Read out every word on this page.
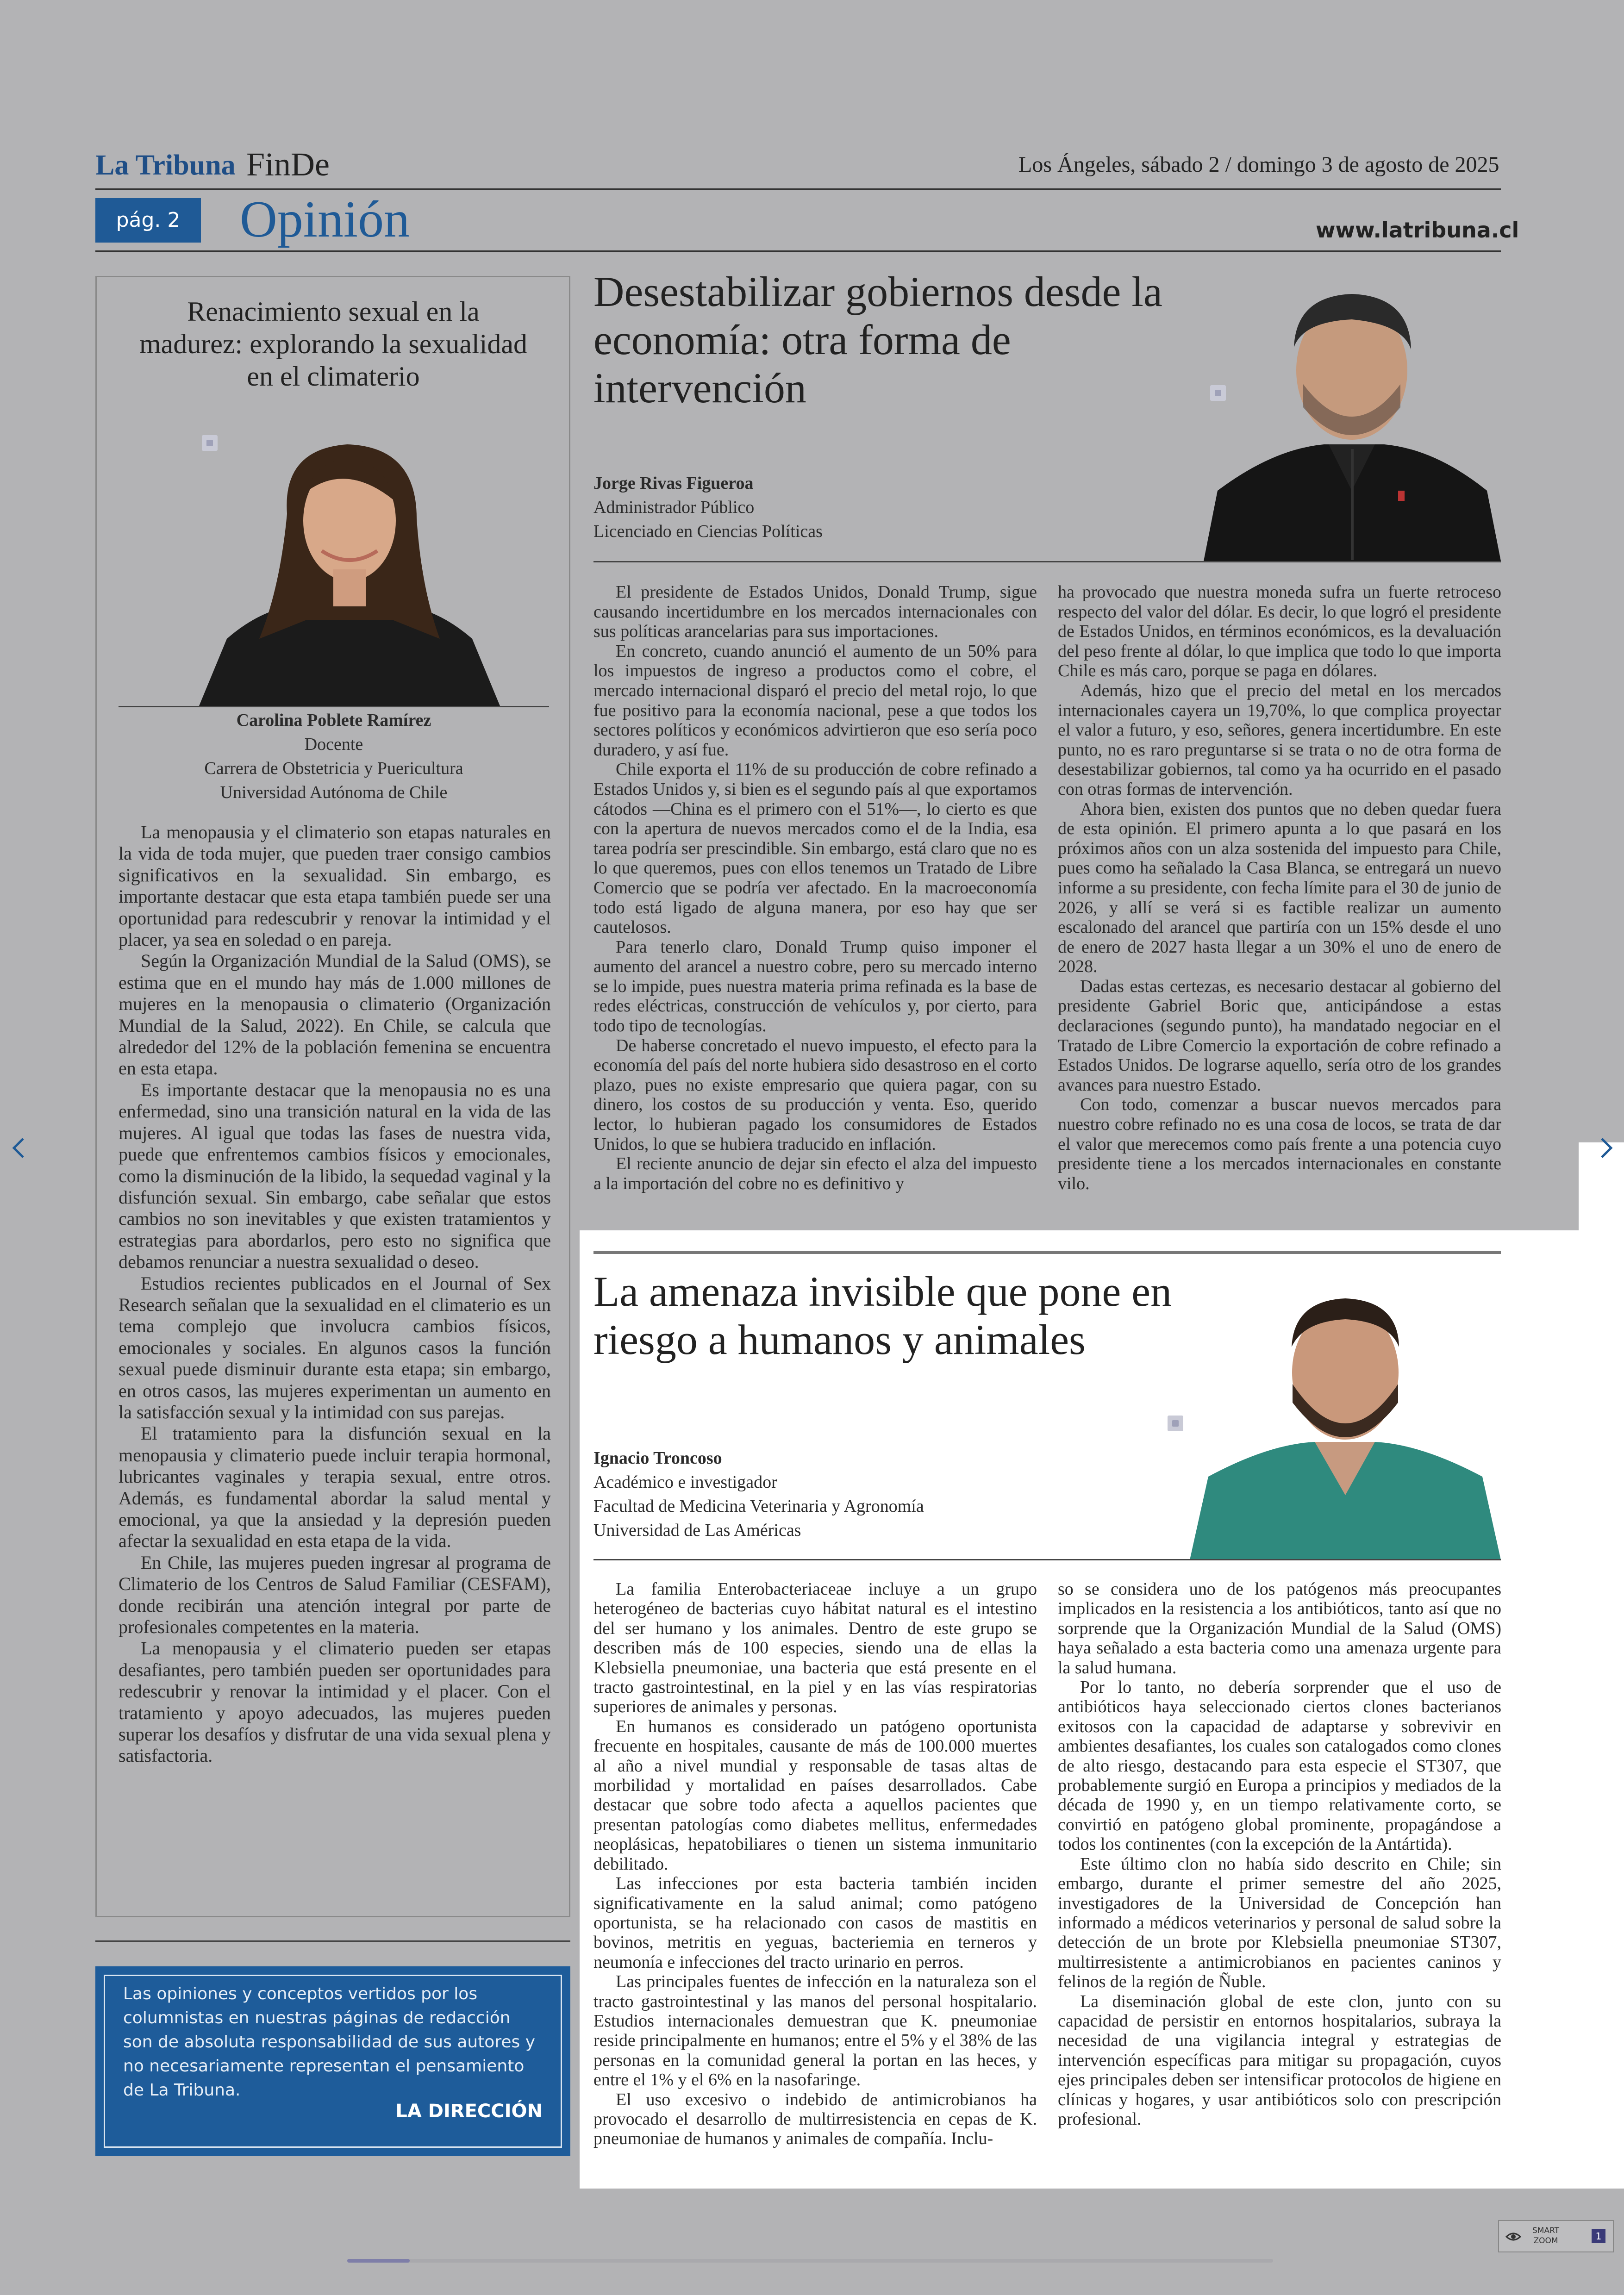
La Tribuna FinDe	Los Ángeles, sábado 2 / domingo 3 de agosto de 2025
pág. 2	Opinión	www.latribuna.cl
Renacimiento sexual en la madurez: explorando la sexualidad en el climaterio
Carolina Poblete Ramírez
Docente
Carrera de Obstetricia y Puericultura
Universidad Autónoma de Chile

La menopausia y el climaterio son etapas naturales en la vida de toda mujer, que pueden traer consigo cambios significativos en la sexualidad. Sin embargo, es importante destacar que esta etapa también puede ser una oportunidad para redescubrir y renovar la intimidad y el placer, ya sea en soledad o en pareja.

Según la Organización Mundial de la Salud (OMS), se estima que en el mundo hay más de 1.000 millones de mujeres en la menopausia o climaterio (Organización Mundial de la Salud, 2022). En Chile, se calcula que alrededor del 12% de la población femenina se encuentra en esta etapa.

Es importante destacar que la menopausia no es una enfermedad, sino una transición natural en la vida de las mujeres. Al igual que todas las fases de nuestra vida, puede que enfrentemos cambios físicos y emocionales, como la disminución de la libido, la sequedad vaginal y la disfunción sexual. Sin embargo, cabe señalar que estos cambios no son inevitables y que existen tratamientos y estrategias para abordarlos, pero esto no significa que debamos renunciar a nuestra sexualidad o deseo.

Estudios recientes publicados en el Journal of Sex Research señalan que la sexualidad en el climaterio es un tema complejo que involucra cambios físicos, emocionales y sociales. En algunos casos la función sexual puede disminuir durante esta etapa; sin embargo, en otros casos, las mujeres experimentan un aumento en la satisfacción sexual y la intimidad con sus parejas.

El tratamiento para la disfunción sexual en la menopausia y climaterio puede incluir terapia hormonal, lubricantes vaginales y terapia sexual, entre otros. Además, es fundamental abordar la salud mental y emocional, ya que la ansiedad y la depresión pueden afectar la sexualidad en esta etapa de la vida.

En Chile, las mujeres pueden ingresar al programa de Climaterio de los Centros de Salud Familiar (CESFAM), donde recibirán una atención integral por parte de profesionales competentes en la materia.

La menopausia y el climaterio pueden ser etapas desafiantes, pero también pueden ser oportunidades para redescubrir y renovar la intimidad y el placer. Con el tratamiento y apoyo adecuados, las mujeres pueden superar los desafíos y disfrutar de una vida sexual plena y satisfactoria.

Las opiniones y conceptos vertidos por los columnistas en nuestras páginas de redacción son de absoluta responsabilidad de sus autores y no necesariamente representan el pensamiento de La Tribuna.
LA DIRECCIÓN
Desestabilizar gobiernos desde la economía: otra forma de intervención
Jorge Rivas Figueroa
Administrador Público
Licenciado en Ciencias Políticas

El presidente de Estados Unidos, Donald Trump, sigue causando incertidumbre en los mercados internacionales con sus políticas arancelarias para sus importaciones.

En concreto, cuando anunció el aumento de un 50% para los impuestos de ingreso a productos como el cobre, el mercado internacional disparó el precio del metal rojo, lo que fue positivo para la economía nacional, pese a que todos los sectores políticos y económicos advirtieron que eso sería poco duradero, y así fue.

Chile exporta el 11% de su producción de cobre refinado a Estados Unidos y, si bien es el segundo país al que exportamos cátodos —China es el primero con el 51%—, lo cierto es que con la apertura de nuevos mercados como el de la India, esa tarea podría ser prescindible. Sin embargo, está claro que no es lo que queremos, pues con ellos tenemos un Tratado de Libre Comercio que se podría ver afectado. En la macroeconomía todo está ligado de alguna manera, por eso hay que ser cautelosos.

Para tenerlo claro, Donald Trump quiso imponer el aumento del arancel a nuestro cobre, pero su mercado interno se lo impide, pues nuestra materia prima refinada es la base de redes eléctricas, construcción de vehículos y, por cierto, para todo tipo de tecnologías.

De haberse concretado el nuevo impuesto, el efecto para la economía del país del norte hubiera sido desastroso en el corto plazo, pues no existe empresario que quiera pagar, con su dinero, los costos de su producción y venta. Eso, querido lector, lo hubieran pagado los consumidores de Estados Unidos, lo que se hubiera traducido en inflación.

El reciente anuncio de dejar sin efecto el alza del impuesto a la importación del cobre no es definitivo y

ha provocado que nuestra moneda sufra un fuerte retroceso respecto del valor del dólar. Es decir, lo que logró el presidente de Estados Unidos, en términos económicos, es la devaluación del peso frente al dólar, lo que implica que todo lo que importa Chile es más caro, porque se paga en dólares.

Además, hizo que el precio del metal en los mercados internacionales cayera un 19,70%, lo que complica proyectar el valor a futuro, y eso, señores, genera incertidumbre. En este punto, no es raro preguntarse si se trata o no de otra forma de desestabilizar gobiernos, tal como ya ha ocurrido en el pasado con otras formas de intervención.

Ahora bien, existen dos puntos que no deben quedar fuera de esta opinión. El primero apunta a lo que pasará en los próximos años con un alza sostenida del impuesto para Chile, pues como ha señalado la Casa Blanca, se entregará un nuevo informe a su presidente, con fecha límite para el 30 de junio de 2026, y allí se verá si es factible realizar un aumento escalonado del arancel que partiría con un 15% desde el uno de enero de 2027 hasta llegar a un 30% el uno de enero de 2028.

Dadas estas certezas, es necesario destacar al gobierno del presidente Gabriel Boric que, anticipándose a estas declaraciones (segundo punto), ha mandatado negociar en el Tratado de Libre Comercio la exportación de cobre refinado a Estados Unidos. De lograrse aquello, sería otro de los grandes avances para nuestro Estado.

Con todo, comenzar a buscar nuevos mercados para nuestro cobre refinado no es una cosa de locos, se trata de dar el valor que merecemos como país frente a una potencia cuyo presidente tiene a los mercados internacionales en constante vilo.

La amenaza invisible que pone en riesgo a humanos y animales
Ignacio Troncoso
Académico e investigador
Facultad de Medicina Veterinaria y Agronomía
Universidad de Las Américas

La familia Enterobacteriaceae incluye a un grupo heterogéneo de bacterias cuyo hábitat natural es el intestino del ser humano y los animales. Dentro de este grupo se describen más de 100 especies, siendo una de ellas la Klebsiella pneumoniae, una bacteria que está presente en el tracto gastrointestinal, en la piel y en las vías respiratorias superiores de animales y personas.

En humanos es considerado un patógeno oportunista frecuente en hospitales, causante de más de 100.000 muertes al año a nivel mundial y responsable de tasas altas de morbilidad y mortalidad en países desarrollados. Cabe destacar que sobre todo afecta a aquellos pacientes que presentan patologías como diabetes mellitus, enfermedades neoplásicas, hepatobiliares o tienen un sistema inmunitario debilitado.

Las infecciones por esta bacteria también inciden significativamente en la salud animal; como patógeno oportunista, se ha relacionado con casos de mastitis en bovinos, metritis en yeguas, bacteriemia en terneros y neumonía e infecciones del tracto urinario en perros.

Las principales fuentes de infección en la naturaleza son el tracto gastrointestinal y las manos del personal hospitalario. Estudios internacionales demuestran que K. pneumoniae reside principalmente en humanos; entre el 5% y el 38% de las personas en la comunidad general la portan en las heces, y entre el 1% y el 6% en la nasofaringe.

El uso excesivo o indebido de antimicrobianos ha provocado el desarrollo de multirresistencia en cepas de K. pneumoniae de humanos y animales de compañía. Inclu-

so se considera uno de los patógenos más preocupantes implicados en la resistencia a los antibióticos, tanto así que no sorprende que la Organización Mundial de la Salud (OMS) haya señalado a esta bacteria como una amenaza urgente para la salud humana.

Por lo tanto, no debería sorprender que el uso de antibióticos haya seleccionado ciertos clones bacterianos exitosos con la capacidad de adaptarse y sobrevivir en ambientes desafiantes, los cuales son catalogados como clones de alto riesgo, destacando para esta especie el ST307, que probablemente surgió en Europa a principios y mediados de la década de 1990 y, en un tiempo relativamente corto, se convirtió en patógeno global prominente, propagándose a todos los continentes (con la excepción de la Antártida).

Este último clon no había sido descrito en Chile; sin embargo, durante el primer semestre del año 2025, investigadores de la Universidad de Concepción han informado a médicos veterinarios y personal de salud sobre la detección de un brote por Klebsiella pneumoniae ST307, multirresistente a antimicrobianos en pacientes caninos y felinos de la región de Ñuble.

La diseminación global de este clon, junto con su capacidad de persistir en entornos hospitalarios, subraya la necesidad de una vigilancia integral y estrategias de intervención específicas para mitigar su propagación, cuyos ejes principales deben ser intensificar protocolos de higiene en clínicas y hogares, y usar antibióticos solo con prescripción profesional.

SMART
ZOOM	1
